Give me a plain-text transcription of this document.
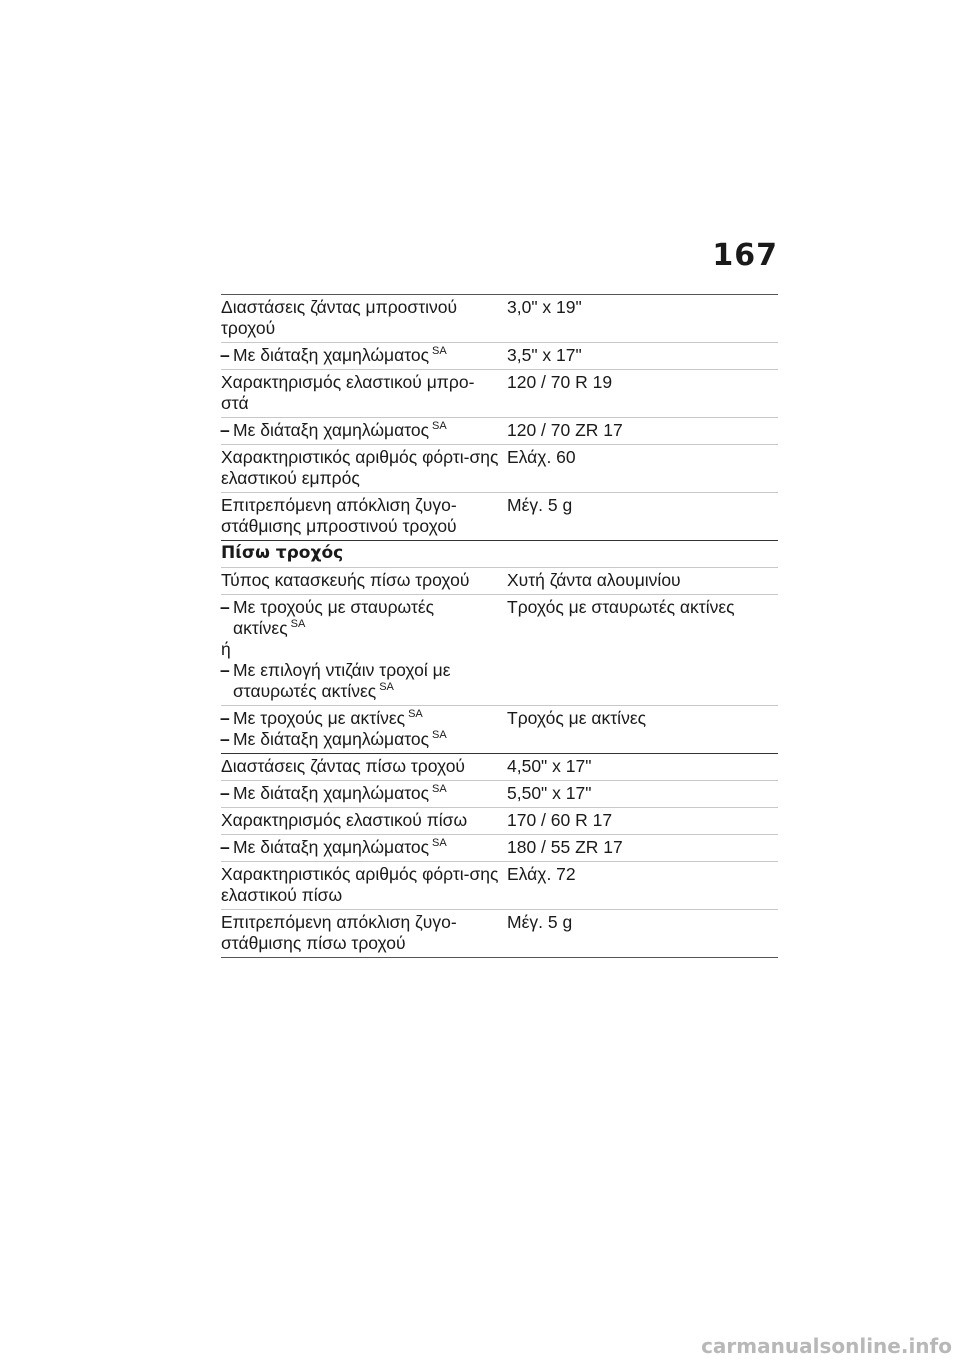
167
Διαστάσεις ζάντας μπροστινού τροχού	3,0" x 19"

– Με διάταξη χαμηλώματος $^{SA}$	3,5" x 17"
Χαρακτηρισμός ελαστικού μπρο-στά	120 / 70 R 19

– Με διάταξη χαμηλώματος $^{SA}$	120 / 70 ZR 17
Χαρακτηριστικός αριθμός φόρτι-σης ελαστικού εμπρός	Ελάχ. 60
Επιτρεπόμενη απόκλιση ζυγο-στάθμισης μπροστινού τροχού	Μέγ. 5 g
Πίσω τροχός	
Τύπος κατασκευής πίσω τροχού	Χυτή ζάντα αλουμινίου

– Με τροχούς με σταυρωτές
ακτίνες $^{SA}$
ή
– Με επιλογή ντιζάιν τροχοί με
σταυρωτές ακτίνες $^{SA}$	Τροχός με σταυρωτές ακτίνες

– Με τροχούς με ακτίνες $^{SA}$
– Με διάταξη χαμηλώματος $^{SA}$	Τροχός με ακτίνες
Διαστάσεις ζάντας πίσω τροχού	4,50" x 17"

– Με διάταξη χαμηλώματος $^{SA}$	5,50" x 17"
Χαρακτηρισμός ελαστικού πίσω	170 / 60 R 17

– Με διάταξη χαμηλώματος $^{SA}$	180 / 55 ZR 17
Χαρακτηριστικός αριθμός φόρτι-σης ελαστικού πίσω	Ελάχ. 72
Επιτρεπόμενη απόκλιση ζυγο-στάθμισης πίσω τροχού	Μέγ. 5 g
carmanualsonline.info
